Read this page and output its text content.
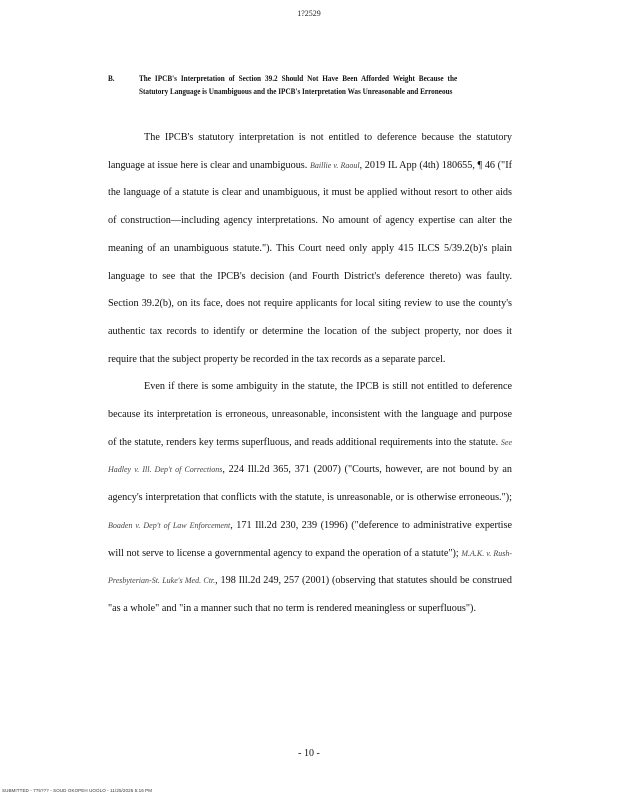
1?2529
B.	The IPCB's Interpretation of Section 39.2 Should Not Have Been Afforded Weight Because the Statutory Language is Unambiguous and the IPCB's Interpretation Was Unreasonable and Erroneous

The IPCB's statutory interpretation is not entitled to deference because the statutory language at issue here is clear and unambiguous. Baillie v. Raoul, 2019 IL App (4th) 180655, ¶ 46 ("If the language of a statute is clear and unambiguous, it must be applied without resort to other aids of construction—including agency interpretations. No amount of agency expertise can alter the meaning of an unambiguous statute."). This Court need only apply 415 ILCS 5/39.2(b)'s plain language to see that the IPCB's decision (and Fourth District's deference thereto) was faulty. Section 39.2(b), on its face, does not require applicants for local siting review to use the county's authentic tax records to identify or determine the location of the subject property, nor does it require that the subject property be recorded in the tax records as a separate parcel.

Even if there is some ambiguity in the statute, the IPCB is still not entitled to deference because its interpretation is erroneous, unreasonable, inconsistent with the language and purpose of the statute, renders key terms superfluous, and reads additional requirements into the statute. See Hadley v. Ill. Dep't of Corrections, 224 Ill.2d 365, 371 (2007) ("Courts, however, are not bound by an agency's interpretation that conflicts with the statute, is unreasonable, or is otherwise erroneous."); Boaden v. Dep't of Law Enforcement, 171 Ill.2d 230, 239 (1996) ("deference to administrative expertise will not serve to license a governmental agency to expand the operation of a statute"); M.A.K. v. Rush-Presbyterian-St. Luke's Med. Ctr., 198 Ill.2d 249, 257 (2001) (observing that statutes should be construed "as a whole" and "in a manner such that no term is rendered meaningless or superfluous").

- 10 -
SUBMITTED - 7?5??? - SOUD OKOPEH UOOLO - 11/25/2025 5:16 PM
